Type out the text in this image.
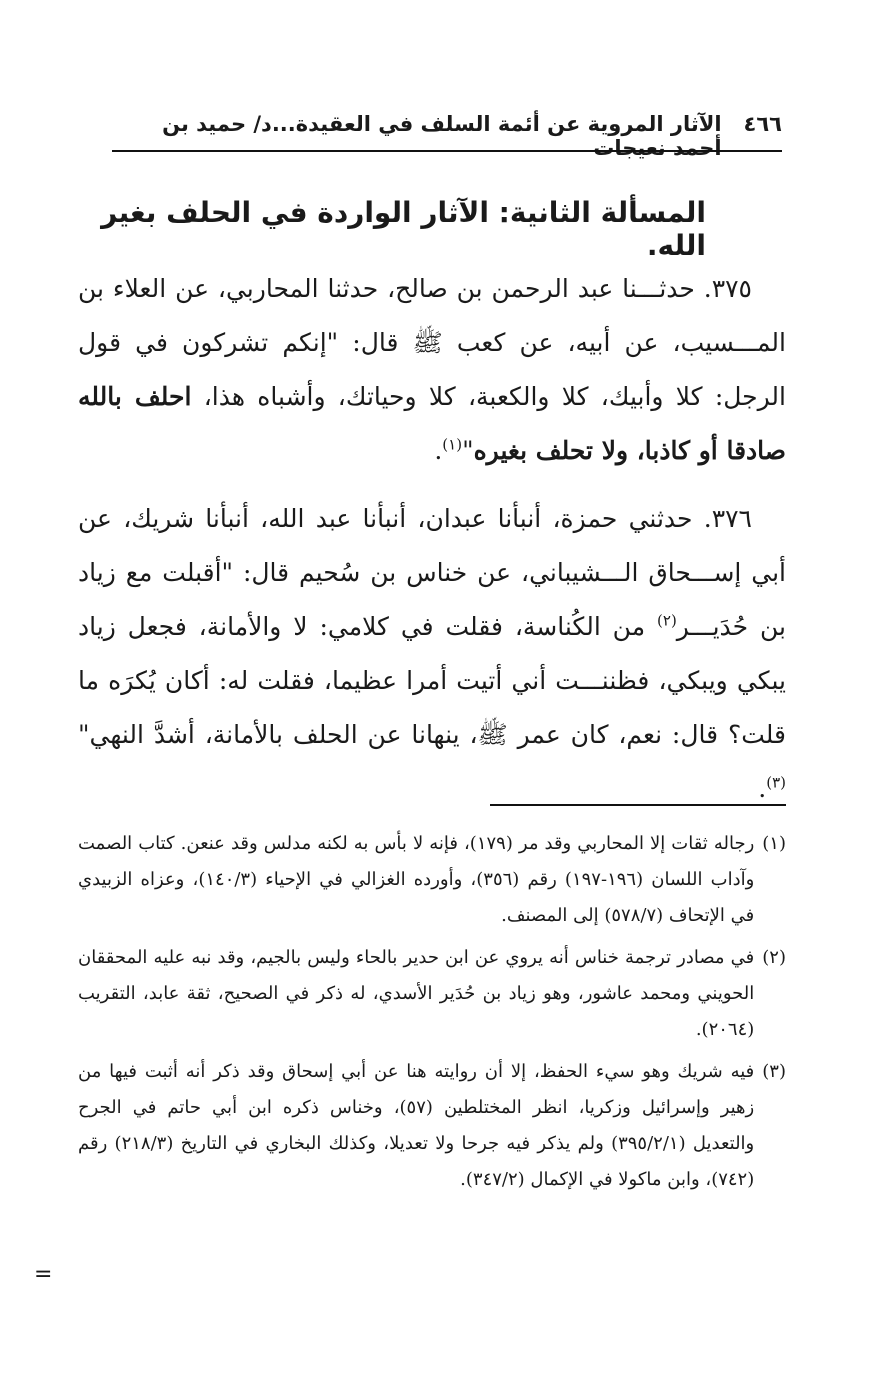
٤٦٦
الآثار المروية عن أئمة السلف في العقيدة...د/ حميد بن أحمد نعيجات
المسألة الثانية: الآثار الواردة في الحلف بغير الله.

٣٧٥. حدثـــنا عبد الرحمن بن صالح، حدثنا المحاربي، عن العلاء بن المـــسيب، عن أبيه، عن كعب ﷺ قال: "إنكم تشركون في قول الرجل: كلا وأبيك، كلا والكعبة، كلا وحياتك، وأشباه هذا، احلف بالله صادقا أو كاذبا، ولا تحلف بغيره"$^{(١)}$.

٣٧٦. حدثني حمزة، أنبأنا عبدان، أنبأنا عبد الله، أنبأنا شريك، عن أبي إســـحاق الـــشيباني، عن خناس بن سُحيم قال: "أقبلت مع زياد بن حُدَيـــر$^{(٢)}$ من الكُناسة، فقلت في كلامي: لا والأمانة، فجعل زياد يبكي ويبكي، فظننـــت أني أتيت أمرا عظيما، فقلت له: أكان يُكرَه ما قلت؟ قال: نعم، كان عمر ﷺ، ينهانا عن الحلف بالأمانة، أشدَّ النهي"$^{(٣)}$.

(١)
رجاله ثقات إلا المحاربي وقد مر (١٧٩)، فإنه لا بأس به لكنه مدلس وقد عنعن. كتاب الصمت وآداب اللسان (١٩٦-١٩٧) رقم (٣٥٦)، وأورده الغزالي في الإحياء (١٤٠/٣)، وعزاه الزبيدي في الإتحاف (٥٧٨/٧) إلى المصنف.
(٢)
في مصادر ترجمة خناس أنه يروي عن ابن حدير بالحاء وليس بالجيم، وقد نبه عليه المحققان الحويني ومحمد عاشور، وهو زياد بن حُدَير الأسدي، له ذكر في الصحيح، ثقة عابد، التقريب (٢٠٦٤).
(٣)
فيه شريك وهو سيء الحفظ، إلا أن روايته هنا عن أبي إسحاق وقد ذكر أنه أثبت فيها من زهير وإسرائيل وزكريا، انظر المختلطين (٥٧)، وخناس ذكره ابن أبي حاتم في الجرح والتعديل (٣٩٥/٢/١) ولم يذكر فيه جرحا ولا تعديلا، وكذلك البخاري في التاريخ (٢١٨/٣) رقم (٧٤٢)، وابن ماكولا في الإكمال (٣٤٧/٢).
=
